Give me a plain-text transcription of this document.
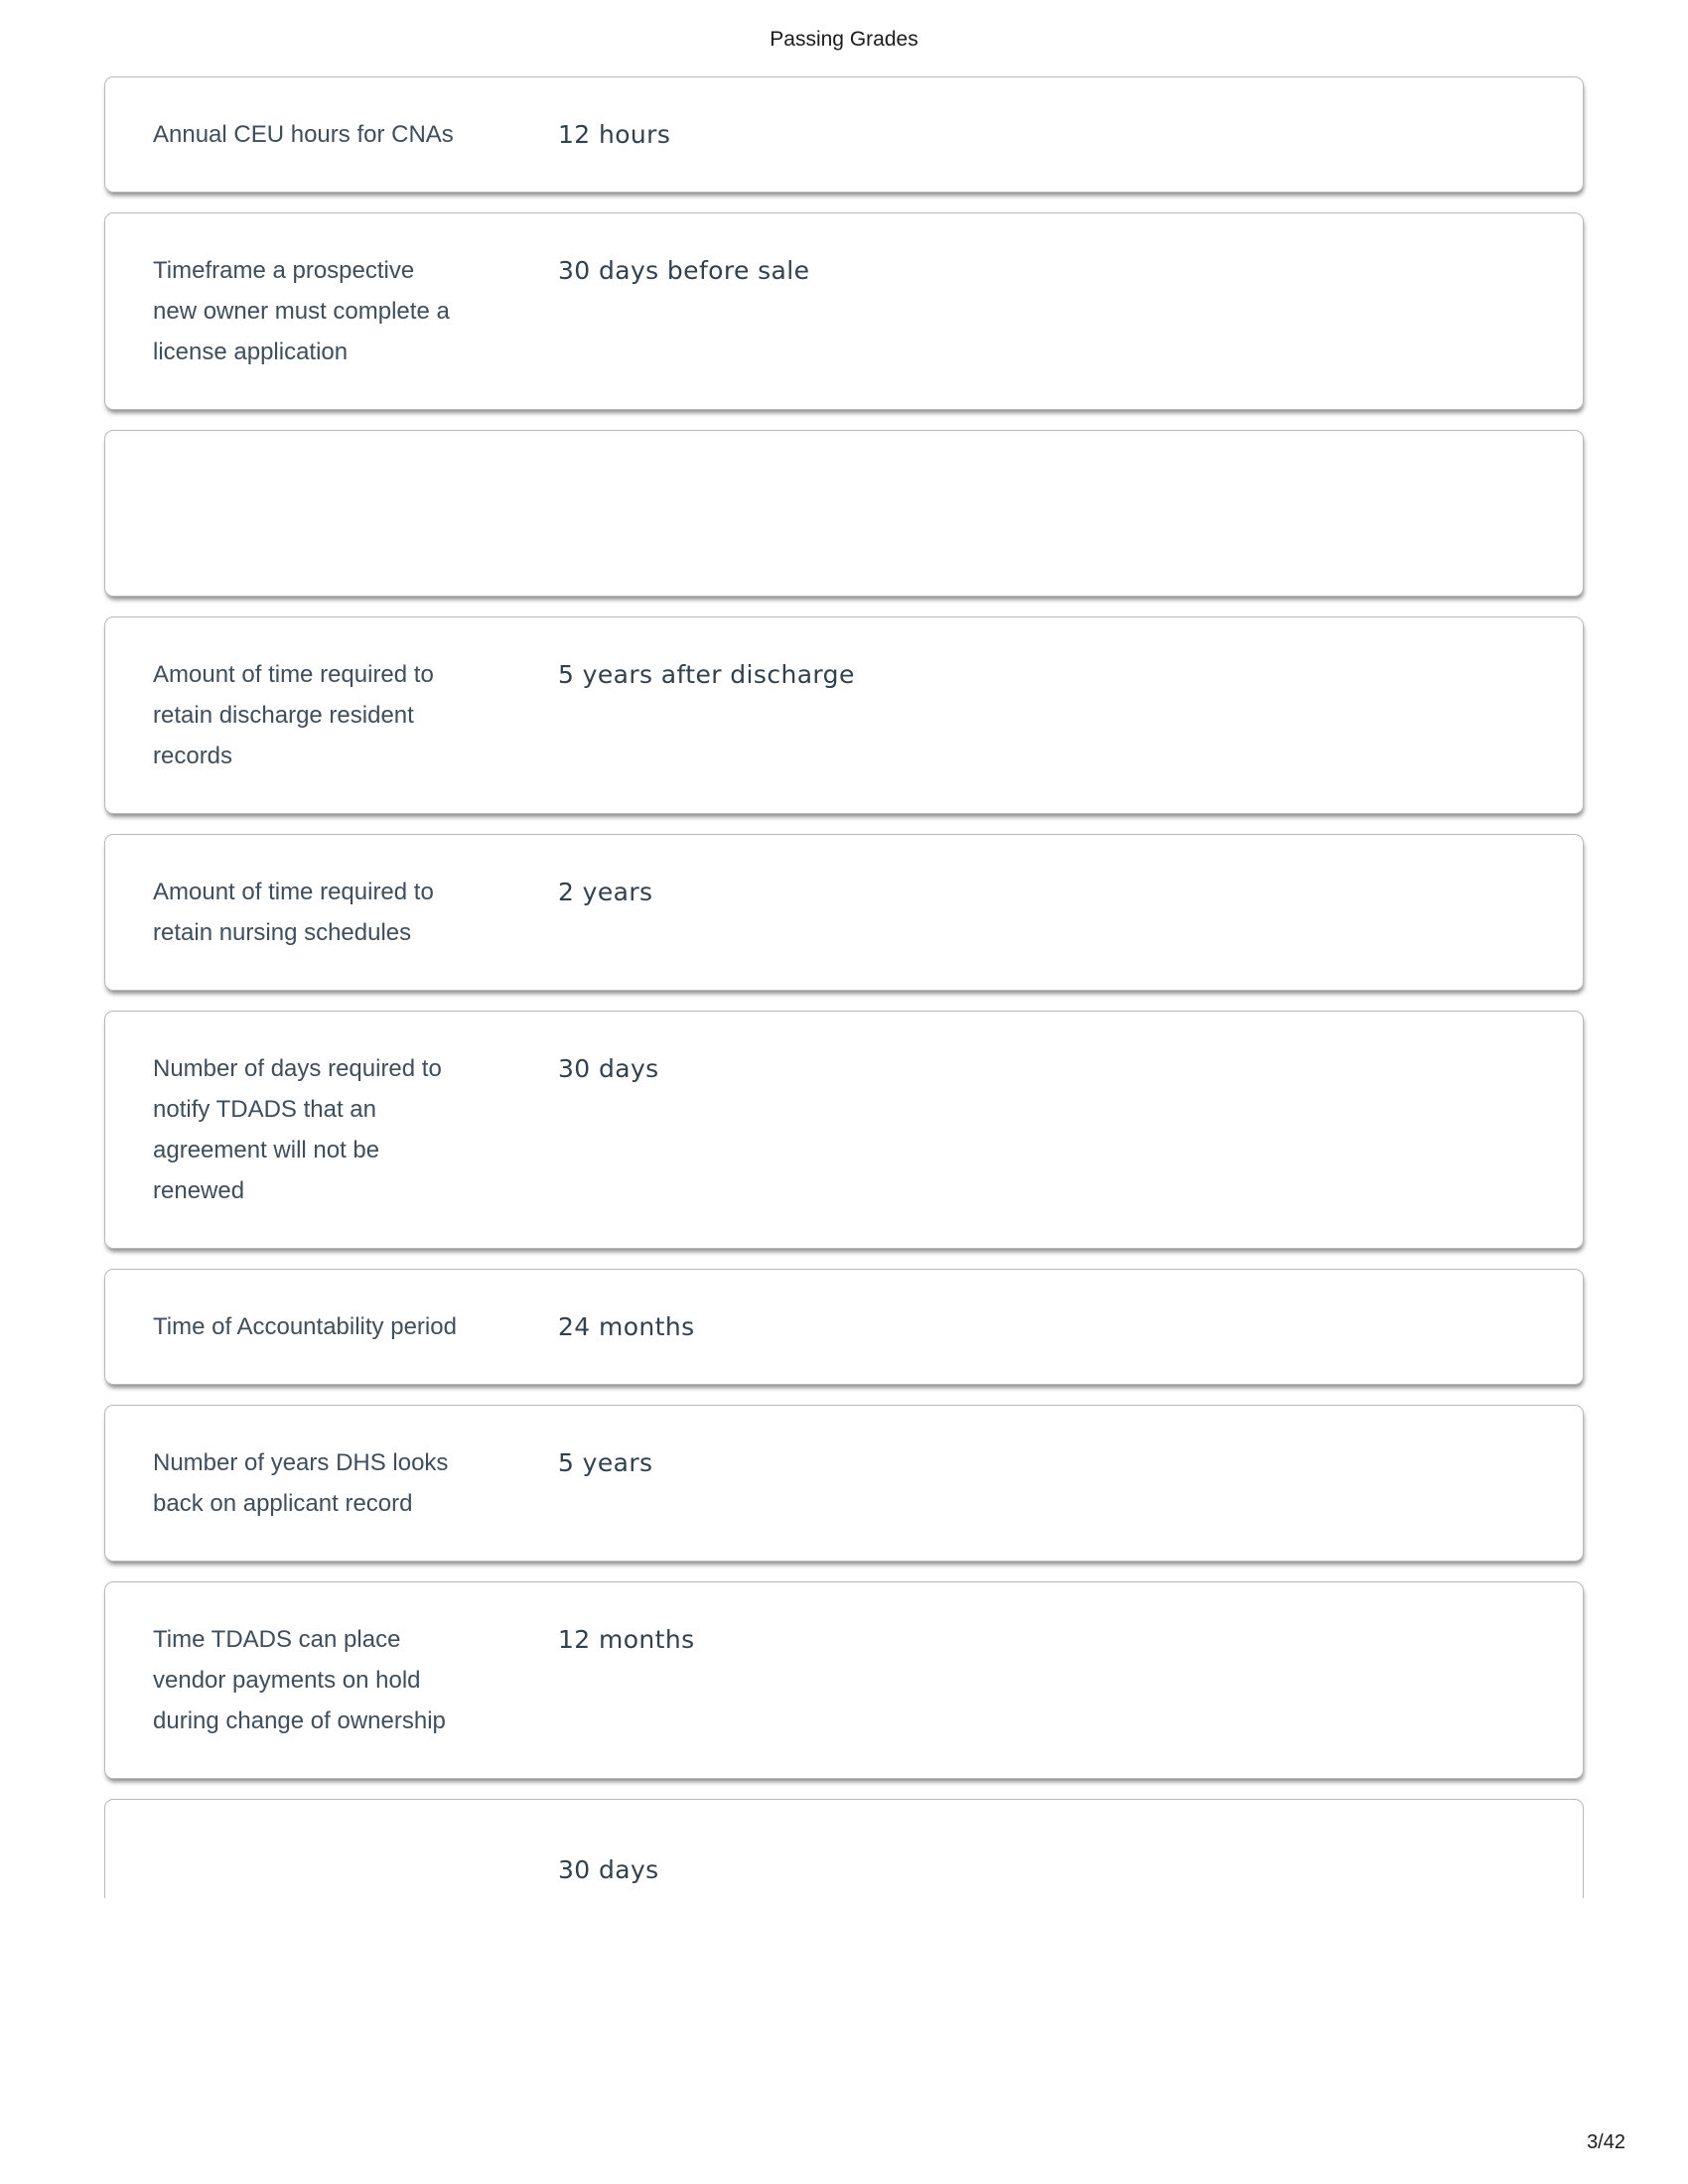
Passing Grades
Annual CEU hours for CNAs	12 hours
Timeframe a prospective new owner must complete a license application
30 days before sale
Amount of time required to retain discharge resident records
5 years after discharge
Amount of time required to retain nursing schedules
2 years
Number of days required to notify TDADS that an agreement will not be renewed
30 days
Time of Accountability period	24 months
Number of years DHS looks back on applicant record
5 years
Time TDADS can place vendor payments on hold during change of ownership
12 months
30 days
3/42
